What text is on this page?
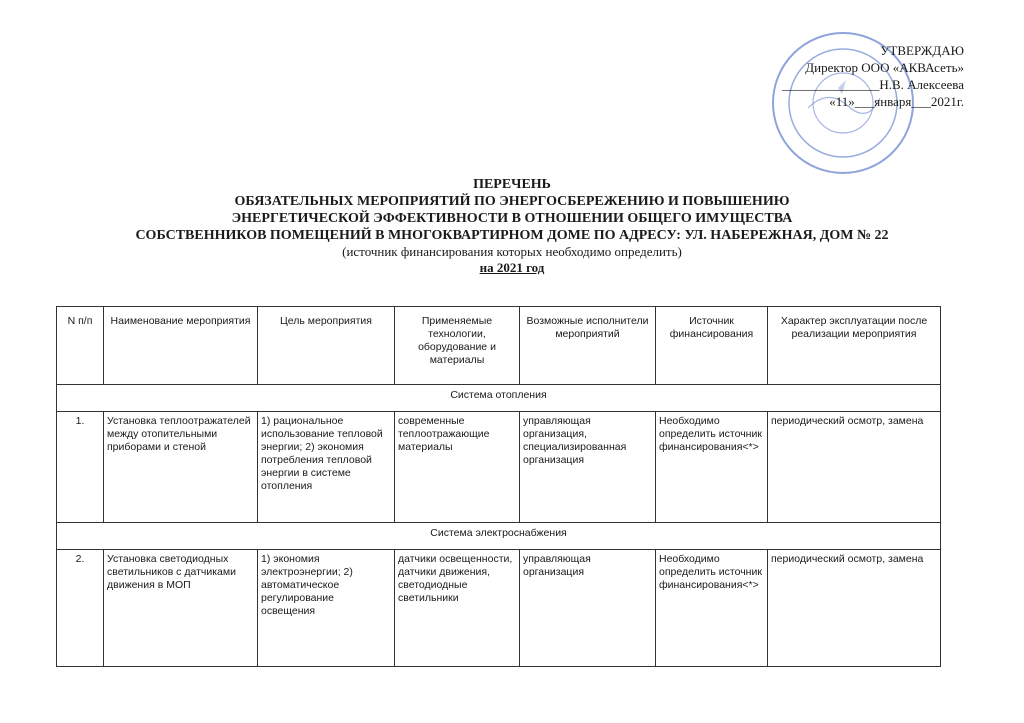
УТВЕРЖДАЮ
Директор ООО «АКВАсеть»
_______________Н.В. Алексеева
«11»___января___2021г.
ПЕРЕЧЕНЬ
ОБЯЗАТЕЛЬНЫХ МЕРОПРИЯТИЙ ПО ЭНЕРГОСБЕРЕЖЕНИЮ И ПОВЫШЕНИЮ
ЭНЕРГЕТИЧЕСКОЙ ЭФФЕКТИВНОСТИ В ОТНОШЕНИИ ОБЩЕГО ИМУЩЕСТВА
СОБСТВЕННИКОВ ПОМЕЩЕНИЙ В МНОГОКВАРТИРНОМ ДОМЕ ПО АДРЕСУ: УЛ. НАБЕРЕЖНАЯ, ДОМ № 22
(источник финансирования которых необходимо определить)
на 2021 год
N п/п	Наименование мероприятия	Цель мероприятия	Применяемые технологии, оборудование и материалы	Возможные исполнители мероприятий	Источник финансирования	Характер эксплуатации после реализации мероприятия
Система отопления						
1.	Установка теплоотражателей между отопительными приборами и стеной	1) рациональное использование тепловой энергии; 2) экономия потребления тепловой энергии в системе отопления	современные теплоотражающие материалы	управляющая организация, специализированная организация	Необходимо определить источник финансирования<*>	периодический осмотр, замена
Система электроснабжения						
2.	Установка светодиодных светильников с датчиками движения в МОП	1) экономия электроэнергии; 2) автоматическое регулирование освещения	датчики освещенности, датчики движения, светодиодные светильники	управляющая организация	Необходимо определить источник финансирования<*>	периодический осмотр, замена
